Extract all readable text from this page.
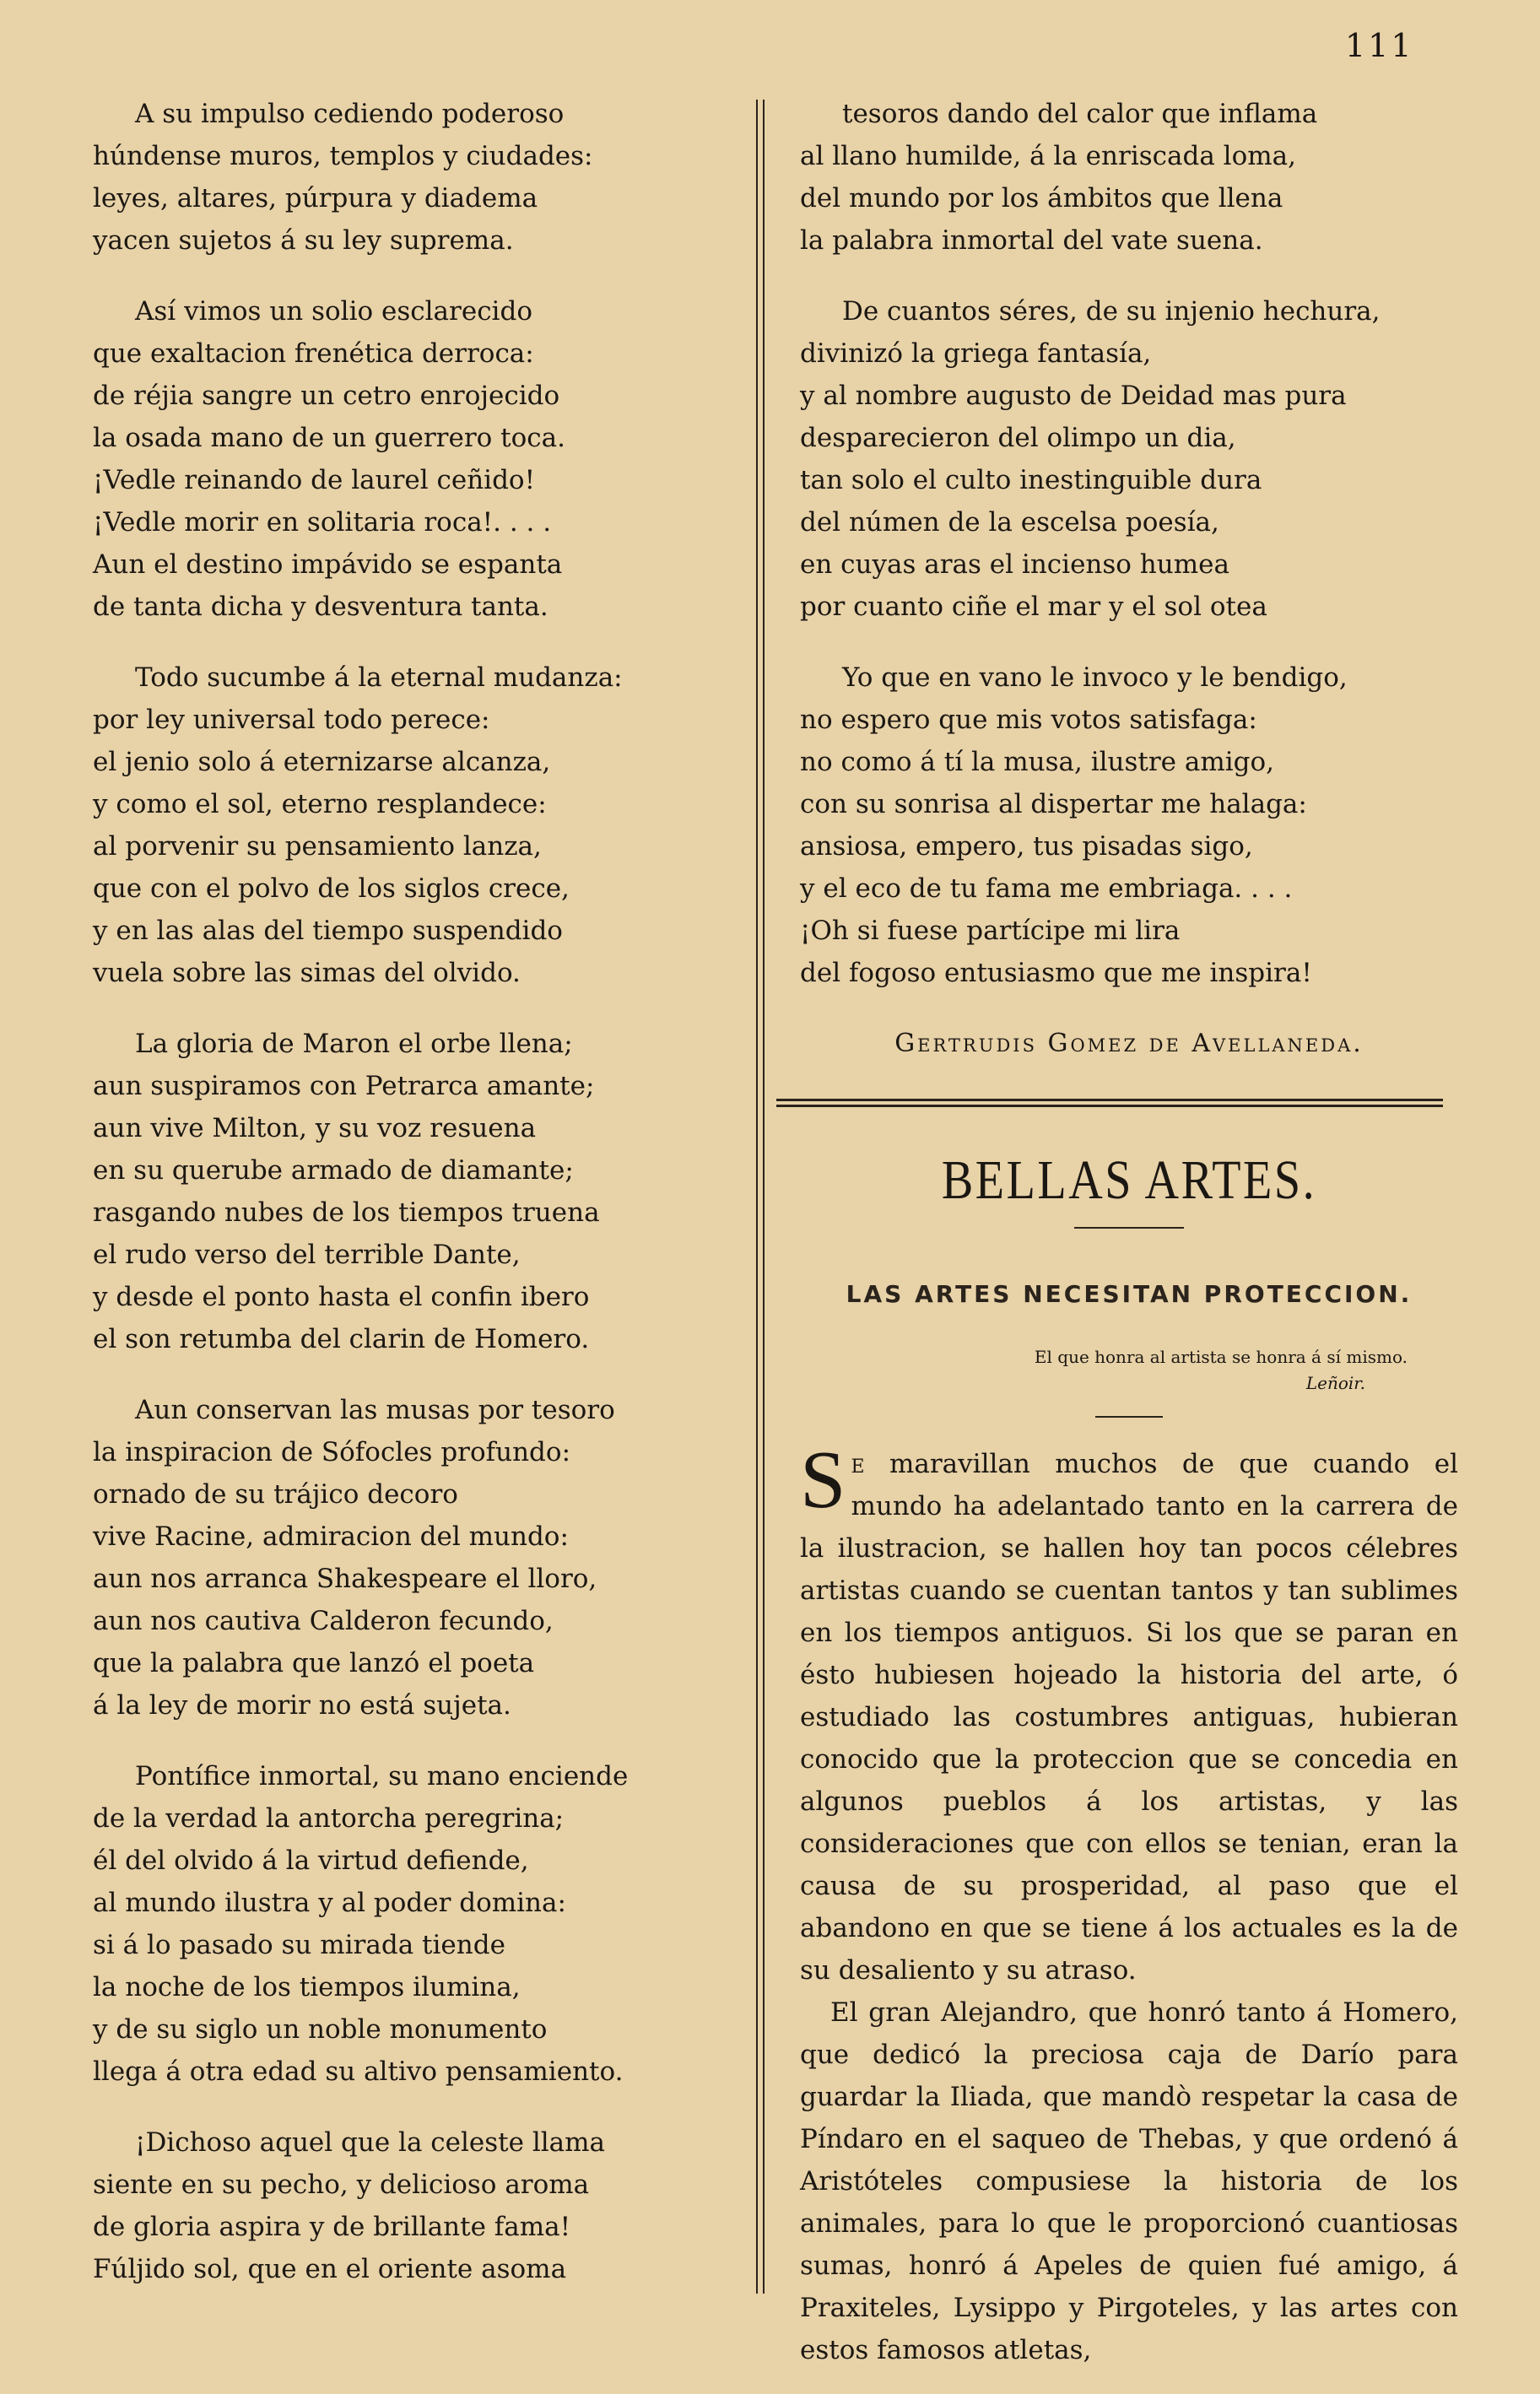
111
A su impulso cediendo poderoso
húndense muros, templos y ciudades:
leyes, altares, púrpura y diadema
yacen sujetos á su ley suprema.
Así vimos un solio esclarecido
que exaltacion frenética derroca:
de réjia sangre un cetro enrojecido
la osada mano de un guerrero toca.
¡Vedle reinando de laurel ceñido!
¡Vedle morir en solitaria roca!. . . .
Aun el destino impávido se espanta
de tanta dicha y desventura tanta.
Todo sucumbe á la eternal mudanza:
por ley universal todo perece:
el jenio solo á eternizarse alcanza,
y como el sol, eterno resplandece:
al porvenir su pensamiento lanza,
que con el polvo de los siglos crece,
y en las alas del tiempo suspendido
vuela sobre las simas del olvido.
La gloria de Maron el orbe llena;
aun suspiramos con Petrarca amante;
aun vive Milton, y su voz resuena
en su querube armado de diamante;
rasgando nubes de los tiempos truena
el rudo verso del terrible Dante,
y desde el ponto hasta el confin ibero
el son retumba del clarin de Homero.
Aun conservan las musas por tesoro
la inspiracion de Sófocles profundo:
ornado de su trájico decoro
vive Racine, admiracion del mundo:
aun nos arranca Shakespeare el lloro,
aun nos cautiva Calderon fecundo,
que la palabra que lanzó el poeta
á la ley de morir no está sujeta.
Pontífice inmortal, su mano enciende
de la verdad la antorcha peregrina;
él del olvido á la virtud defiende,
al mundo ilustra y al poder domina:
si á lo pasado su mirada tiende
la noche de los tiempos ilumina,
y de su siglo un noble monumento
llega á otra edad su altivo pensamiento.
¡Dichoso aquel que la celeste llama
siente en su pecho, y delicioso aroma
de gloria aspira y de brillante fama!
Fúljido sol, que en el oriente asoma
tesoros dando del calor que inflama
al llano humilde, á la enriscada loma,
del mundo por los ámbitos que llena
la palabra inmortal del vate suena.
De cuantos séres, de su injenio hechura,
divinizó la griega fantasía,
y al nombre augusto de Deidad mas pura
desparecieron del olimpo un dia,
tan solo el culto inestinguible dura
del númen de la escelsa poesía,
en cuyas aras el incienso humea
por cuanto ciñe el mar y el sol otea
Yo que en vano le invoco y le bendigo,
no espero que mis votos satisfaga:
no como á tí la musa, ilustre amigo,
con su sonrisa al dispertar me halaga:
ansiosa, empero, tus pisadas sigo,
y el eco de tu fama me embriaga. . . .
¡Oh si fuese partícipe mi lira
del fogoso entusiasmo que me inspira!
Gertrudis Gomez de Avellaneda.
BELLAS ARTES.
LAS ARTES NECESITAN PROTECCION.
El que honra al artista se honra á sí mismo.
Leñoir.

Se maravillan muchos de que cuando el mundo ha adelantado tanto en la carrera de la ilustracion, se hallen hoy tan pocos célebres artistas cuando se cuentan tantos y tan sublimes en los tiempos antiguos. Si los que se paran en ésto hubiesen hojeado la historia del arte, ó estudiado las costumbres antiguas, hubieran conocido que la proteccion que se concedia en algunos pueblos á los artistas, y las consideraciones que con ellos se tenian, eran la causa de su prosperidad, al paso que el abandono en que se tiene á los actuales es la de su desaliento y su atraso.

El gran Alejandro, que honró tanto á Homero, que dedicó la preciosa caja de Darío para guardar la Iliada, que mandò respetar la casa de Píndaro en el saqueo de Thebas, y que ordenó á Aristóteles compusiese la historia de los animales, para lo que le proporcionó cuantiosas sumas, honró á Apeles de quien fué amigo, á Praxiteles, Lysippo y Pirgoteles, y las artes con estos famosos atletas,
